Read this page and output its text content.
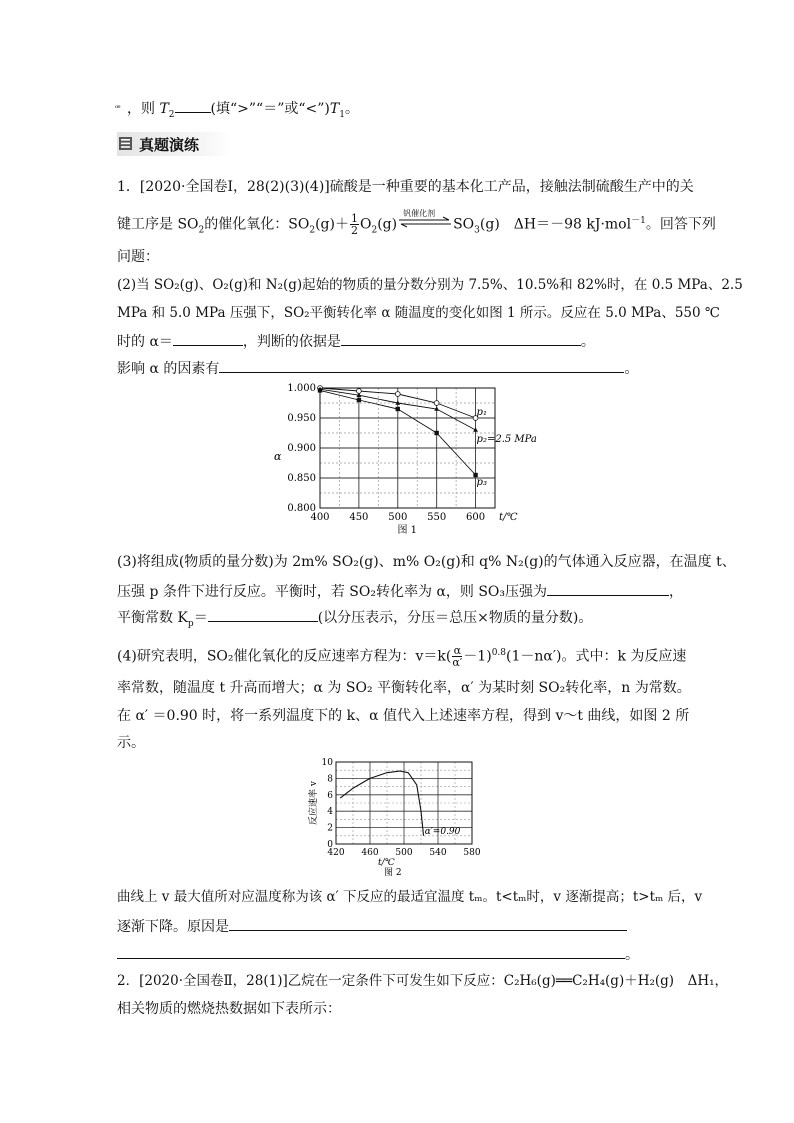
ꟹ ，则 $T_2$	(填“>”“＝”或“$<”)T_1$。
真题演练
1．[2020·全国卷Ⅰ，28(2)(3)(4)]硫酸是一种重要的基本化工产品，接触法制硫酸生产中的关
键工序是 $SO_2$的催化氧化：$SO_2(g)+ \frac{1}{2} O_2(g)$
钒催化剂
$SO_3(g)$　ΔH＝－98 kJ·mol$^{-1}$。回答下列
问题：
(2)当 SO₂(g)、O₂(g)和 N₂(g)起始的物质的量分数分别为 7.5%、10.5%和 82%时，在 0.5 MPa、2.5
MPa 和 5.0 MPa 压强下，SO₂平衡转化率 α 随温度的变化如图 1 所示。反应在 5.0 MPa、550 ℃
时的 α＝	，判断的依据是	。
影响 α 的因素有	。
400 450 500 550 600
0.800
0.850
0.900
0.950
1.000
t/℃
α
图 1
p₁
p₂=2.5 MPa
p₃
(3)将组成(物质的量分数)为 2m% SO₂(g)、m% O₂(g)和 q% N₂(g)的气体通入反应器，在温度 t、
压强 p 条件下进行反应。平衡时，若 SO₂转化率为 α，则 SO₃压强为	，
平衡常数 $K_p=$	(以分压表示，分压＝总压×物质的量分数)。
(4)研究表明，SO₂催化氧化的反应速率方程为：$v=k( \frac{\alpha}{\alpha'} -1)^{0.8}(1-n\alpha')$。式中：k 为反应速
率常数，随温度 t 升高而增大；α 为 SO₂ 平衡转化率，α′ 为某时刻 SO₂转化率，n 为常数。
在 α′ ＝0.90 时，将一系列温度下的 k、α 值代入上述速率方程，得到 v～t 曲线，如图 2 所
示。
420 460 500 540 580
0
2
4
6
8
10
反应速率 v
t/℃
图 2
α′=0.90
曲线上 v 最大值所对应温度称为该 α′ 下反应的最适宜温度 tₘ。t<tₘ时，v 逐渐提高；t>tₘ 后，v
逐渐下降。原因是
。
2．[2020·全国卷Ⅱ，28(1)]乙烷在一定条件下可发生如下反应：C₂H₆(g)══C₂H₄(g)＋H₂(g)　ΔH₁，
相关物质的燃烧热数据如下表所示：
